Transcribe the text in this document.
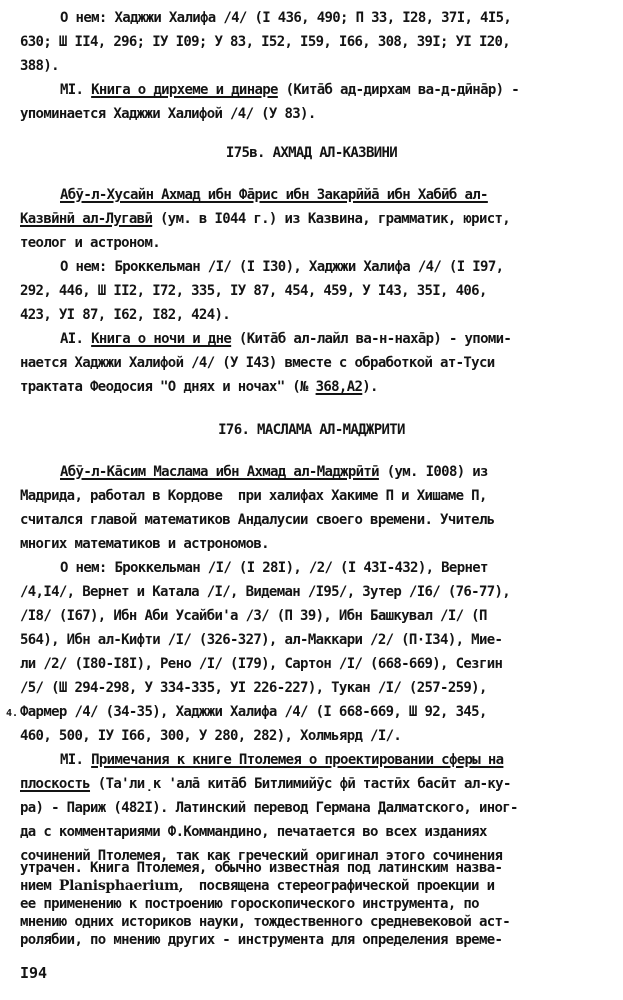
О нем: Хаджжи Халифа /4/ (I 436, 490; П 33, I28, 37I, 4I5,
630; Ш II4, 296; IУ I09; У 83, I52, I59, I66, 308, 39I; УI I20,
388).
МI. Книга о дирхеме и динаре (Кита̄б ад-дирхам ва-д-дӣна̄р) -
упоминается Хаджжи Халифой /4/ (У 83).
I75в. АХМАД АЛ-КАЗВИНИ
Абӯ-л-Хусайн Ахмад ибн Фа̄рис ибн Закарӣйа̄ ибн Хабӣб ал-
Казвӣнӣ ал-Лугавӣ (ум. в I044 г.) из Казвина, грамматик, юрист,
теолог и астроном.
О нем: Броккельман /I/ (I I30), Хаджжи Халифа /4/ (I I97,
292, 446, Ш II2, I72, 335, IУ 87, 454, 459, У I43, 35I, 406,
423, УI 87, I62, I82, 424).
АI. Книга о ночи и дне (Кита̄б ал-лайл ва-н-наха̄р) - упоми-
нается Хаджжи Халифой /4/ (У I43) вместе с обработкой ат-Туси
трактата Феодосия "О днях и ночах" (№ 368,А2).
I76. МАСЛАМА АЛ-МАДЖРИТИ
Абӯ-л-Ка̄сим Маслама ибн Ахмад ал-Маджрӣтӣ (ум. I008) из
Мадрида, работал в Кордове  при халифах Хакиме П и Хишаме П,
считался главой математиков Андалусии своего времени. Учитель
многих математиков и астрономов.
О нем: Броккельман /I/ (I 28I), /2/ (I 43I-432), Вернет
/4,I4/, Вернет и Катала /I/, Видеман /I95/, Зутер /I6/ (76-77),
/I8/ (I67), Ибн Аби Усайби'а /3/ (П 39), Ибн Башкувал /I/ (П
564), Ибн ал-Кифти /I/ (326-327), ал-Маккари /2/ (П·I34), Мие-
ли /2/ (I80-I8I), Рено /I/ (I79), Сартон /I/ (668-669), Сезгин
/5/ (Ш 294-298, У 334-335, УI 226-227), Тукан /I/ (257-259),
4. Фармер /4/ (34-35), Хаджжи Халифа /4/ (I 668-669, Ш 92, 345,
460, 500, IУ I66, 300, У 280, 282), Холмьярд /I/.
МI. Примечания к книге Птолемея о проектировании сферы на
плоскость (Та'ли̣к 'ала̄ кита̄б Битлимийӯс фӣ тастӣх басӣт ал-ку-
ра) - Париж (482I). Латинский перевод Германа Далматского, иног-
да с комментариями Ф.Коммандино, печатается во всех изданиях
сочинений Птолемея, так как греческий оригинал этого сочинения
утрачен. Книга Птолемея, обычно известная под латинским назва-
нием Planisphaerium,  посвящена стереографической проекции и
ее применению к построению гороскопического инструмента, по
мнению одних историков науки, тождественного средневековой аст-
ролябии, по мнению других - инструмента для определения време-
I94
